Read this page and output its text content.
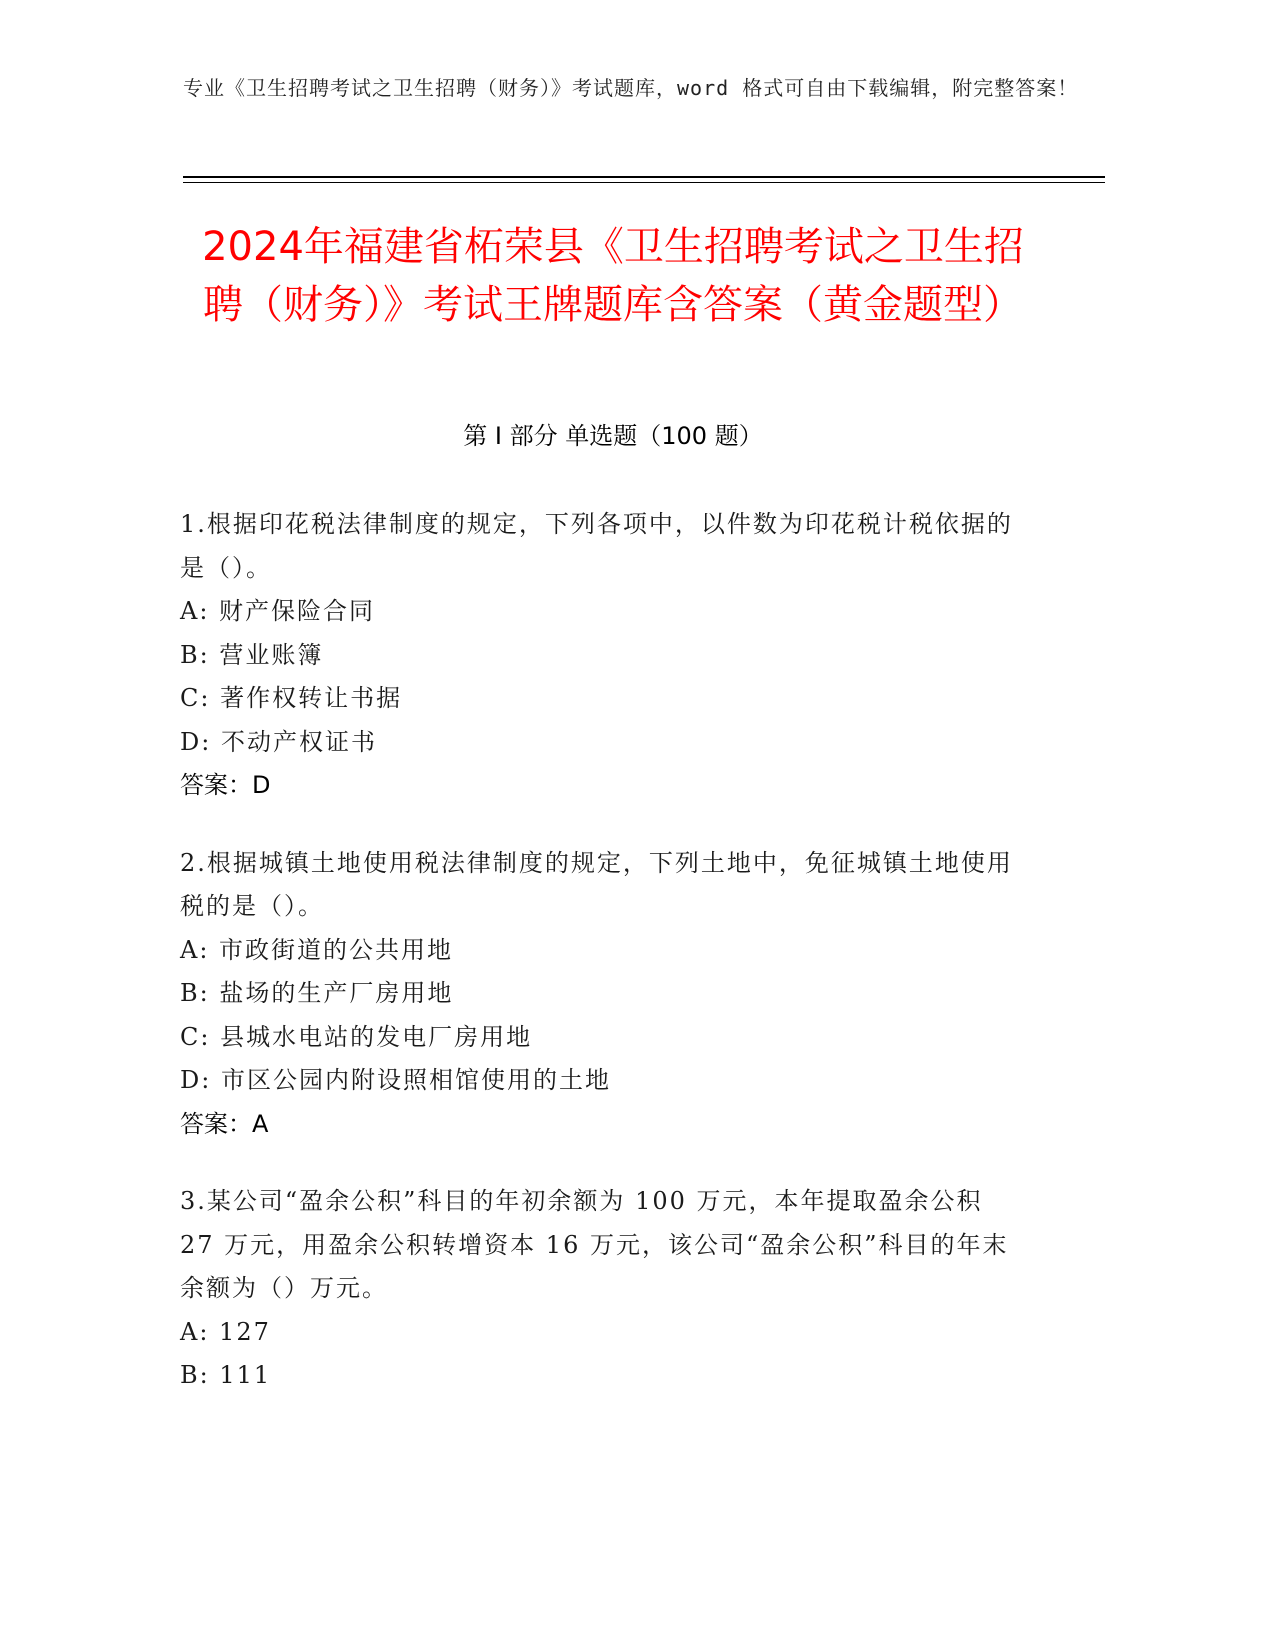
专业《卫生招聘考试之卫生招聘（财务）》考试题库，word 格式可自由下载编辑，附完整答案！
2024年福建省柘荣县《卫生招聘考试之卫生招聘（财务）》考试王牌题库含答案（黄金题型）
第 I 部分 单选题（100 题）

1.根据印花税法律制度的规定，下列各项中，以件数为印花税计税依据的是（）。

A: 财产保险合同

B: 营业账簿

C: 著作权转让书据

D: 不动产权证书

答案：D

2.根据城镇土地使用税法律制度的规定，下列土地中，免征城镇土地使用税的是（）。

A: 市政街道的公共用地

B: 盐场的生产厂房用地

C: 县城水电站的发电厂房用地

D: 市区公园内附设照相馆使用的土地

答案：A

3.某公司“盈余公积”科目的年初余额为 100 万元，本年提取盈余公积 27 万元，用盈余公积转增资本 16 万元，该公司“盈余公积”科目的年末余额为（）万元。

A: 127

B: 111
